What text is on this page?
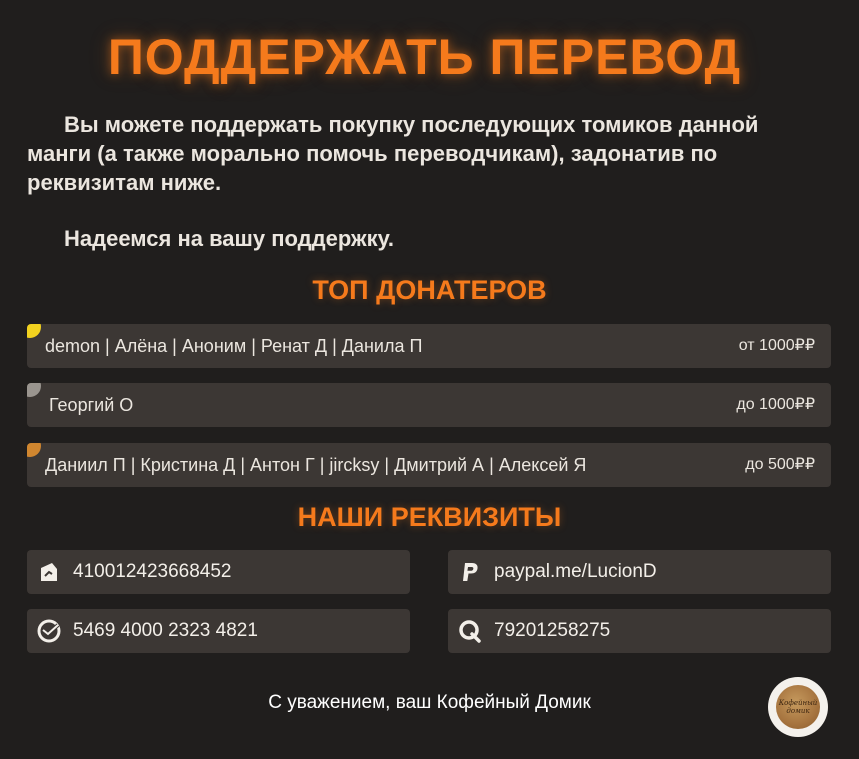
ПОДДЕРЖАТЬ ПЕРЕВОД

Вы можете поддержать покупку последующих томиков данной манги (а также морально помочь переводчикам), задонатив по реквизитам ниже.

Надеемся на вашу поддержку.

ТОП ДОНАТЕРОВ
demon | Алёна | Аноним | Ренат Д | Данила П	от 1000₽₽
Георгий О	до 1000₽₽
Даниил П | Кристина Д | Антон Г | jircksy | Дмитрий А | Алексей Я	до 500₽₽
НАШИ РЕКВИЗИТЫ
410012423668452	paypal.me/LucionD
5469 4000 2323 4821	79201258275
С уважением, ваш Кофейный Домик	Кофейный домик
